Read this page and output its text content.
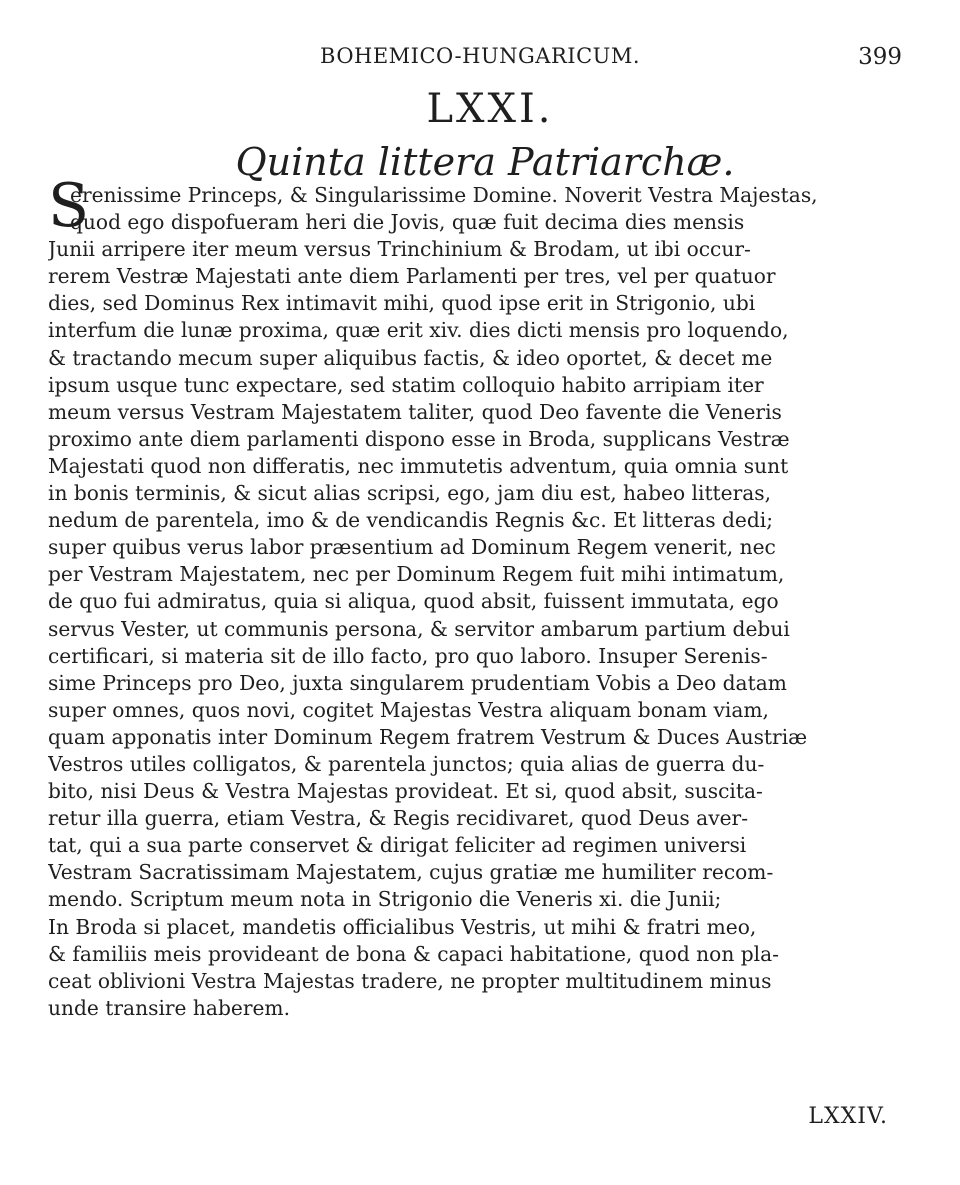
BOHEMICO-HUNGARICUM.	399
LXXI.
Quinta littera Patriarchæ.
S
erenissime Princeps, & Singularissime Domine. Noverit Vestra Majestas,
quod ego dispofueram heri die Jovis, quæ fuit decima dies mensis
Junii arripere iter meum versus Trinchinium & Brodam, ut ibi occur-
rerem Vestræ Majestati ante diem Parlamenti per tres, vel per quatuor
dies, sed Dominus Rex intimavit mihi, quod ipse erit in Strigonio, ubi
interfum die lunæ proxima, quæ erit xiv. dies dicti mensis pro loquendo,
& tractando mecum super aliquibus factis, & ideo oportet, & decet me
ipsum usque tunc expectare, sed statim colloquio habito arripiam iter
meum versus Vestram Majestatem taliter, quod Deo favente die Veneris
proximo ante diem parlamenti dispono esse in Broda, supplicans Vestræ
Majestati quod non differatis, nec immutetis adventum, quia omnia sunt
in bonis terminis, & sicut alias scripsi, ego, jam diu est, habeo litteras,
nedum de parentela, imo & de vendicandis Regnis &c. Et litteras dedi;
super quibus verus labor præsentium ad Dominum Regem venerit, nec
per Vestram Majestatem, nec per Dominum Regem fuit mihi intimatum,
de quo fui admiratus, quia si aliqua, quod absit, fuissent immutata, ego
servus Vester, ut communis persona, & servitor ambarum partium debui
certificari, si materia sit de illo facto, pro quo laboro. Insuper Serenis-
sime Princeps pro Deo, juxta singularem prudentiam Vobis a Deo datam
super omnes, quos novi, cogitet Majestas Vestra aliquam bonam viam,
quam apponatis inter Dominum Regem fratrem Vestrum & Duces Austriæ
Vestros utiles colligatos, & parentela junctos; quia alias de guerra du-
bito, nisi Deus & Vestra Majestas provideat. Et si, quod absit, suscita-
retur illa guerra, etiam Vestra, & Regis recidivaret, quod Deus aver-
tat, qui a sua parte conservet & dirigat feliciter ad regimen universi
Vestram Sacratissimam Majestatem, cujus gratiæ me humiliter recom-
mendo. Scriptum meum nota in Strigonio die Veneris xi. die Junii;
In Broda si placet, mandetis officialibus Vestris, ut mihi & fratri meo,
& familiis meis provideant de bona & capaci habitatione, quod non pla-
ceat oblivioni Vestra Majestas tradere, ne propter multitudinem minus
unde transire haberem.
LXXIV.
